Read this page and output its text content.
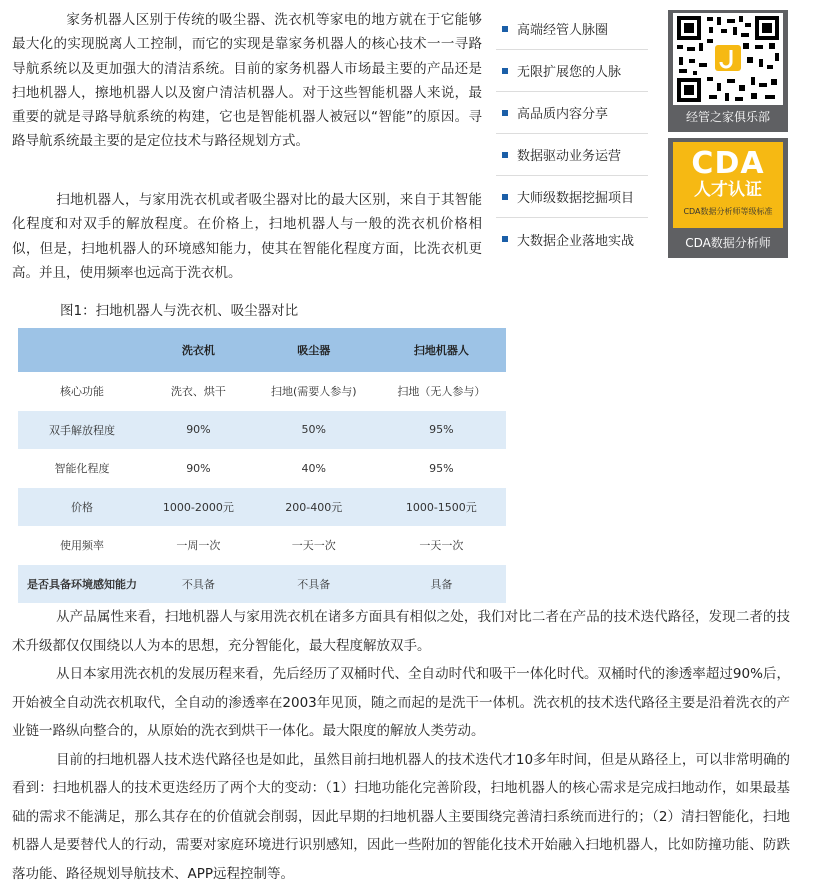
家务机器人区别于传统的吸尘器、洗衣机等家电的地方就在于它能够最大化的实现脱离人工控制，而它的实现是靠家务机器人的核心技术一一寻路导航系统以及更加强大的清洁系统。目前的家务机器人市场最主要的产品还是扫地机器人，擦地机器人以及窗户清洁机器人。对于这些智能机器人来说，最重要的就是寻路导航系统的构建，它也是智能机器人被冠以“智能”的原因。寻路导航系统最主要的是定位技术与路径规划方式。

扫地机器人，与家用洗衣机或者吸尘器对比的最大区别，来自于其智能化程度和对双手的解放程度。在价格上，扫地机器人与一般的洗衣机价格相似，但是，扫地机器人的环境感知能力，使其在智能化程度方面，比洗衣机更高。并且，使用频率也远高于洗衣机。

图1：扫地机器人与洗衣机、吸尘器对比
	洗衣机	吸尘器	扫地机器人
核心功能	洗衣、烘干	扫地(需要人参与)	扫地（无人参与）
双手解放程度	90%	50%	95%
智能化程度	90%	40%	95%
价格	1000-2000元	200-400元	1000-1500元
使用频率	一周一次	一天一次	一天一次
是否具备环境感知能力	不具备	不具备	具备
从产品属性来看，扫地机器人与家用洗衣机在诸多方面具有相似之处，我们对比二者在产品的技术迭代路径，发现二者的技术升级都仅仅围绕以人为本的思想，充分智能化，最大程度解放双手。
从日本家用洗衣机的发展历程来看，先后经历了双桶时代、全自动时代和吸干一体化时代。双桶时代的渗透率超过90%后，开始被全自动洗衣机取代，全自动的渗透率在2003年见顶，随之而起的是洗干一体机。洗衣机的技术迭代路径主要是沿着洗衣的产业链一路纵向整合的，从原始的洗衣到烘干一体化。最大限度的解放人类劳动。
目前的扫地机器人技术迭代路径也是如此，虽然目前扫地机器人的技术迭代才10多年时间，但是从路径上，可以非常明确的看到：扫地机器人的技术更迭经历了两个大的变动：（1）扫地功能化完善阶段，扫地机器人的核心需求是完成扫地动作，如果最基础的需求不能满足，那么其存在的价值就会削弱，因此早期的扫地机器人主要围绕完善清扫系统而进行的；（2）清扫智能化，扫地机器人是要替代人的行动，需要对家庭环境进行识别感知，因此一些附加的智能化技术开始融入扫地机器人，比如防撞功能、防跌落功能、路径规划导航技术、APP远程控制等。
高端经管人脉圈
无限扩展您的人脉
高品质内容分享
数据驱动业务运营
大师级数据挖掘项目
大数据企业落地实战
经管之家俱乐部
CDA
人才认证
CDA数据分析师等级标准
CDA数据分析师
